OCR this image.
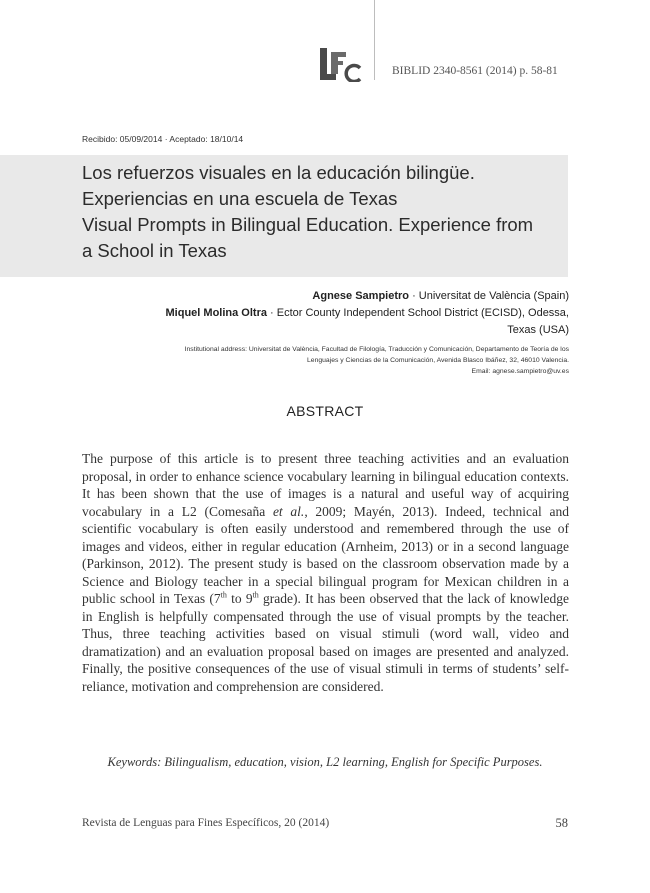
BIBLID 2340-8561 (2014) p. 58-81
Recibido: 05/09/2014 · Aceptado: 18/10/14
Los refuerzos visuales en la educación bilingüe.
Experiencias en una escuela de Texas
Visual Prompts in Bilingual Education. Experience from
a School in Texas
Agnese Sampietro · Universitat de València (Spain)
Miquel Molina Oltra · Ector County Independent School District (ECISD), Odessa,
Texas (USA)
Institutional address: Universitat de València, Facultad de Filología, Traducción y Comunicación, Departamento de Teoría de los
Lenguajes y Ciencias de la Comunicación, Avenida Blasco Ibáñez, 32, 46010 Valencia.
Email: agnese.sampietro@uv.es
ABSTRACT

The purpose of this article is to present three teaching activities and an evaluation proposal, in order to enhance science vocabulary learning in bilingual education contexts. It has been shown that the use of images is a natural and useful way of acquiring vocabulary in a L2 (Comesaña et al., 2009; Mayén, 2013). Indeed, technical and scientific vocabulary is often easily understood and remembered through the use of images and videos, either in regular education (Arnheim, 2013) or in a second language (Parkinson, 2012). The present study is based on the classroom observation made by a Science and Biology teacher in a special bilingual program for Mexican children in a public school in Texas (7th to 9th grade). It has been observed that the lack of knowledge in English is helpfully compensated through the use of visual prompts by the teacher. Thus, three teaching activities based on visual stimuli (word wall, video and dramatization) and an evaluation proposal based on images are presented and analyzed. Finally, the positive consequences of the use of visual stimuli in terms of students’ self-reliance, motivation and comprehension are considered.

Keywords: Bilingualism, education, vision, L2 learning, English for Specific Purposes.
Revista de Lenguas para Fines Específicos, 20 (2014)	58
